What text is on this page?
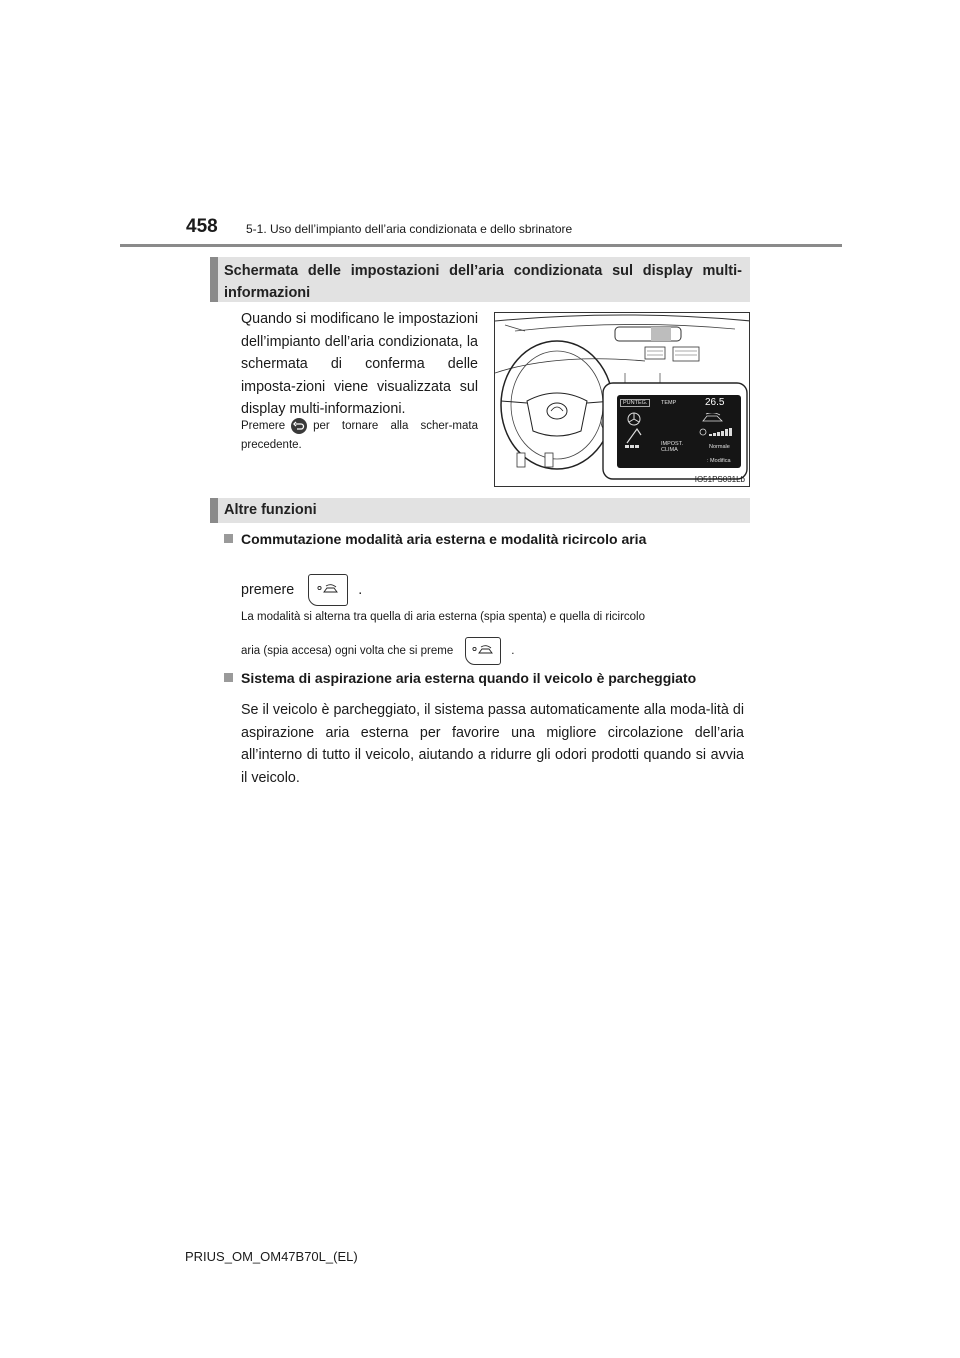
458 5-1. Uso dell’impianto dell’aria condizionata e dello sbrinatore
Schermata delle impostazioni dell’aria condizionata sul display multi-informazioni
Quando si modificano le impostazioni dell’impianto dell’aria condizionata, la schermata di conferma delle imposta-zioni viene visualizzata sul display multi-informazioni.
Premere per tornare alla scher-mata precedente.
PUNTEG.	TEMP	26.5
IMPOST.
CLIMA	Normale
: Modifica
IO51PS031Lb
Altre funzioni
Commutazione modalità aria esterna e modalità ricircolo aria
premere	.
La modalità si alterna tra quella di aria esterna (spia spenta) e quella di ricircolo
aria (spia accesa) ogni volta che si preme	.
Sistema di aspirazione aria esterna quando il veicolo è parcheggiato
Se il veicolo è parcheggiato, il sistema passa automaticamente alla moda-lità di aspirazione aria esterna per favorire una migliore circolazione dell’aria all’interno di tutto il veicolo, aiutando a ridurre gli odori prodotti quando si avvia il veicolo.
PRIUS_OM_OM47B70L_(EL)
